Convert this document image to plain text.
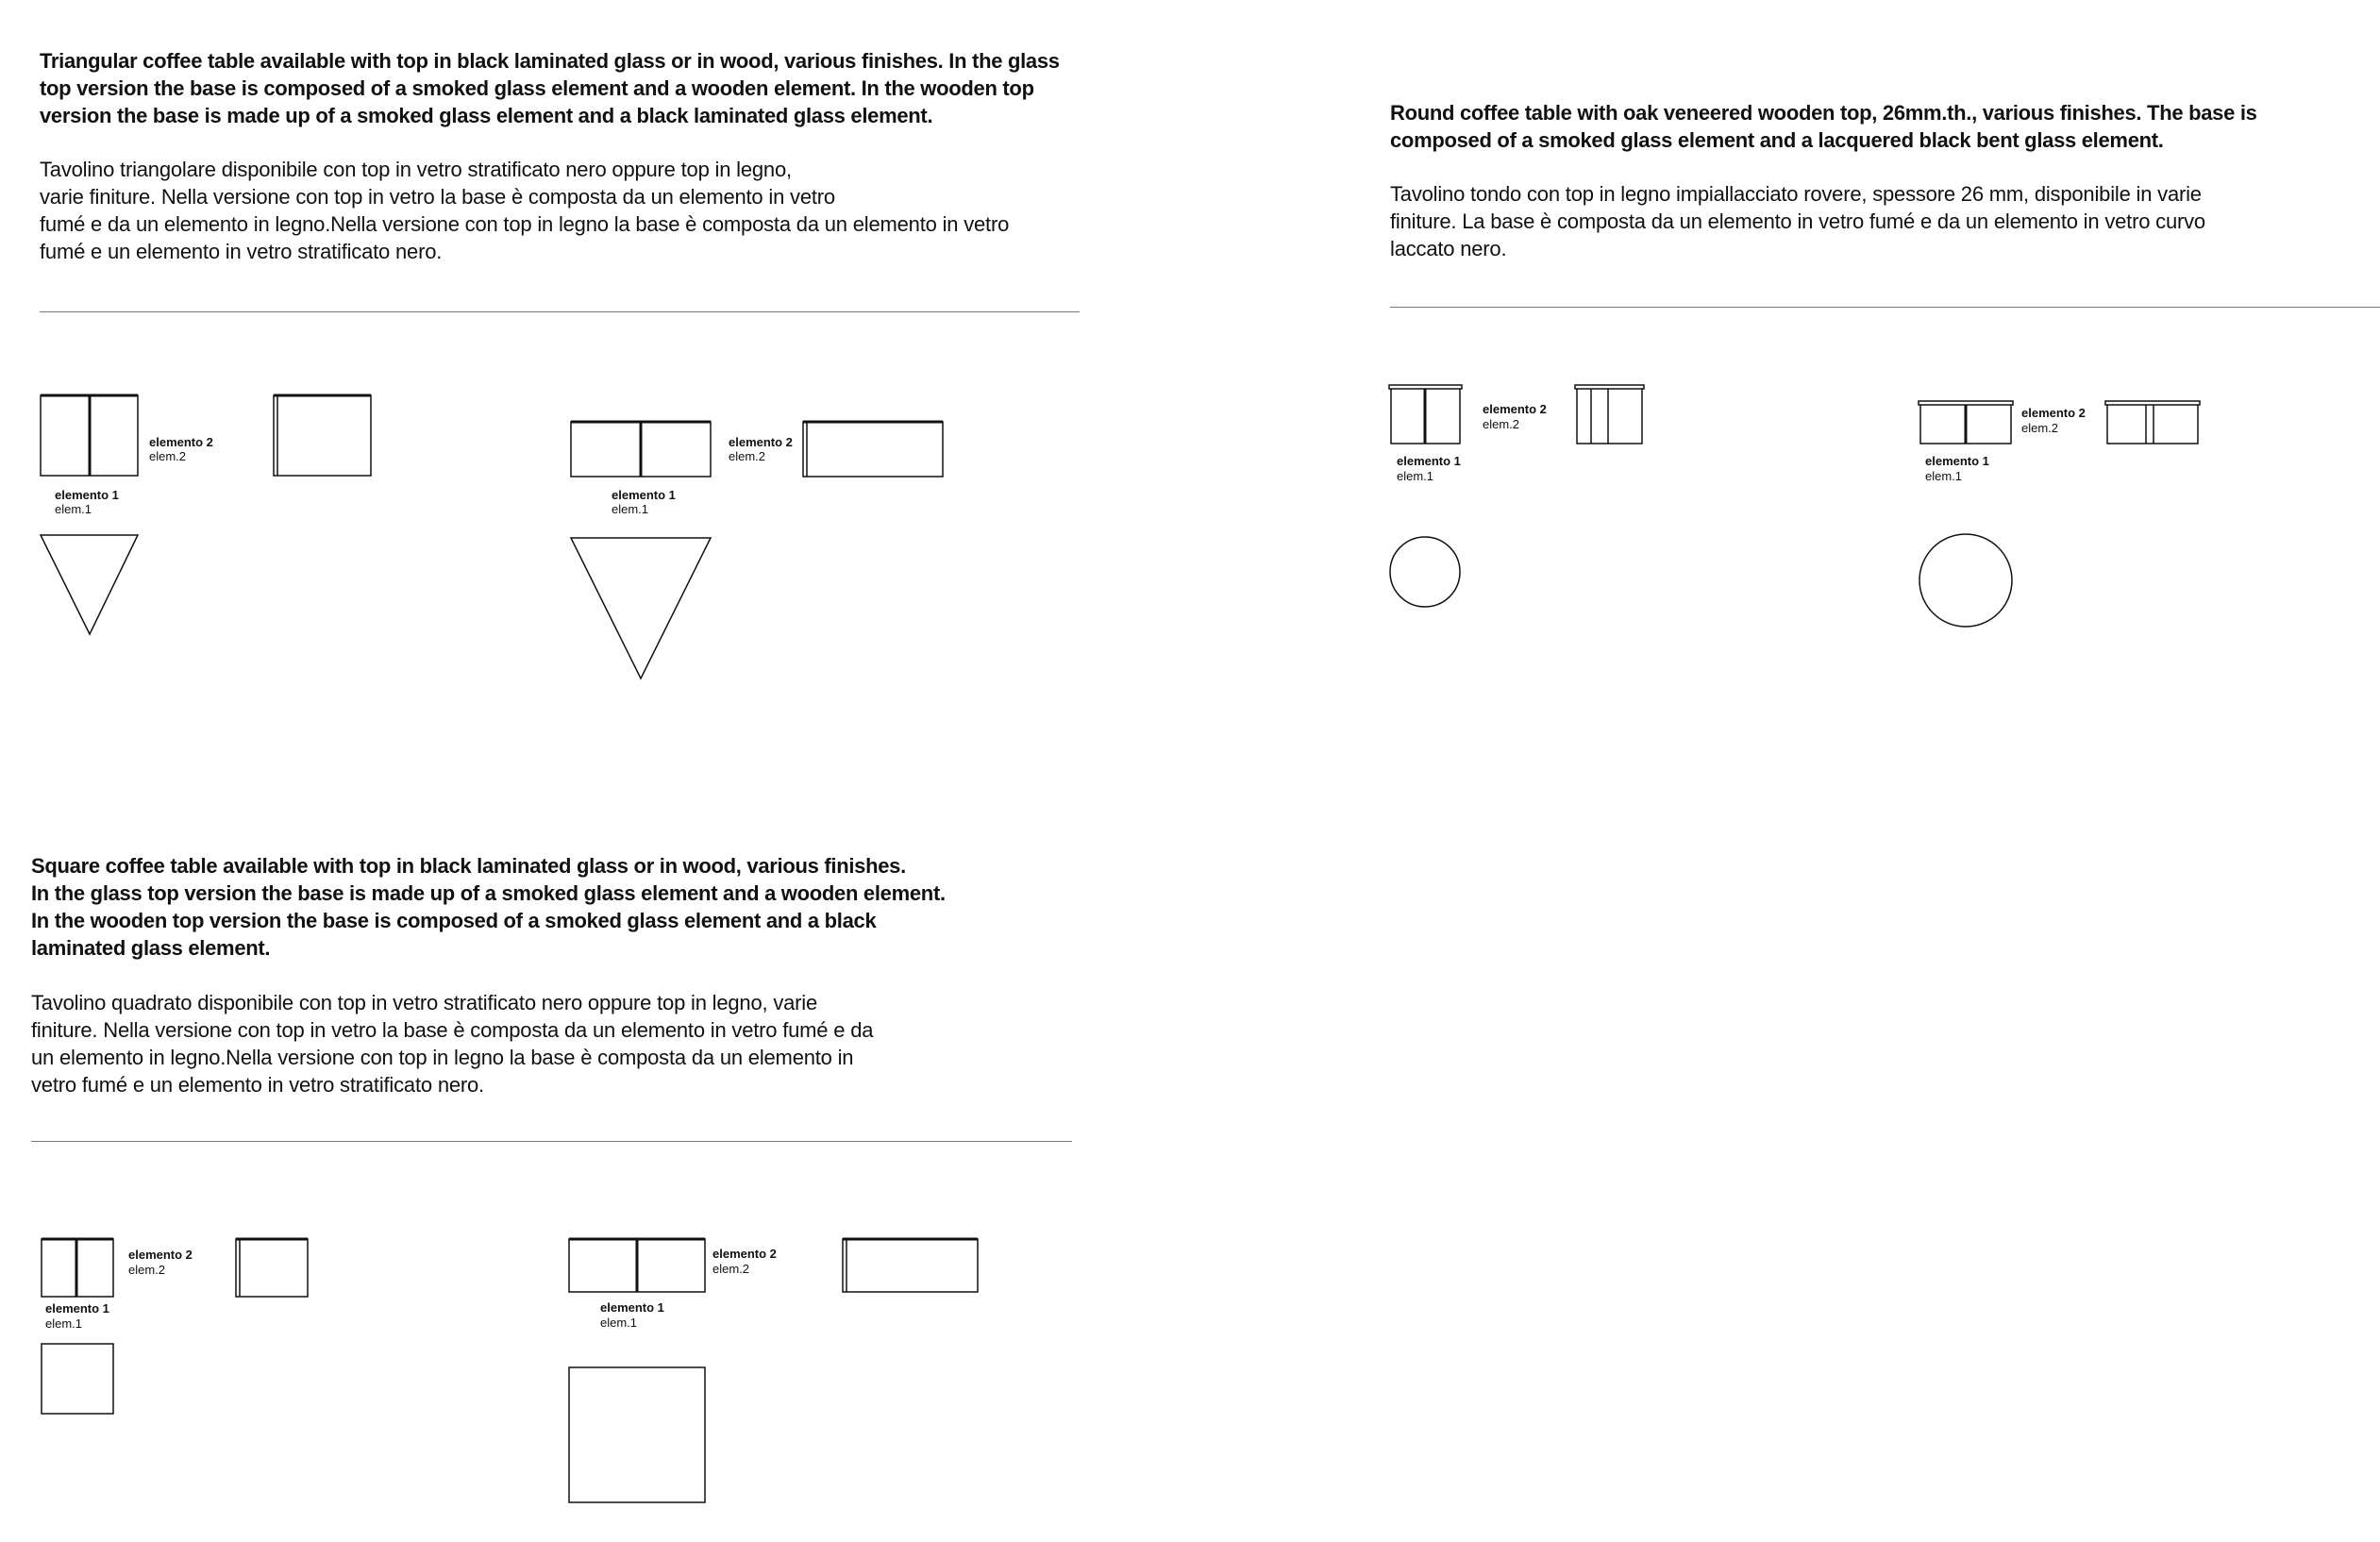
Triangular coffee table available with top in black laminated glass or in wood, various finishes. In the glass
top version the base is composed of a smoked glass element and a wooden element. In the wooden top
version the base is made up of a smoked glass element and a black laminated glass element.
Tavolino triangolare disponibile con top in vetro stratificato nero oppure top in legno,
varie finiture. Nella versione con top in vetro la base è composta da un elemento in vetro
fumé e da un elemento in legno.Nella versione con top in legno la base è composta da un elemento in vetro
fumé e un elemento in vetro stratificato nero.
Round coffee table with oak veneered wooden top, 26mm.th., various finishes. The base is
composed of a smoked glass element and a lacquered black bent glass element.
Tavolino tondo con top in legno impiallacciato rovere, spessore 26 mm, disponibile in varie
finiture. La base è composta da un elemento in vetro fumé e da un elemento in vetro curvo
laccato nero.
Square coffee table available with top in black laminated glass or in wood, various finishes.
In the glass top version the base is made up of a smoked glass element and a wooden element.
In the wooden top version the base is composed of a smoked glass element and a black
laminated glass element.
Tavolino quadrato disponibile con top in vetro stratificato nero oppure top in legno, varie
finiture. Nella versione con top in vetro la base è composta da un elemento in vetro fumé e da
un elemento in legno.Nella versione con top in legno la base è composta da un elemento in
vetro fumé e un elemento in vetro stratificato nero.
elemento 2
elem.2
elemento 1
elem.1
elemento 2
elem.2
elemento 1
elem.1
elemento 2
elem.2
elemento 1
elem.1
elemento 2
elem.2
elemento 1
elem.1
elemento 2
elem.2
elemento 1
elem.1
elemento 2
elem.2
elemento 1
elem.1
